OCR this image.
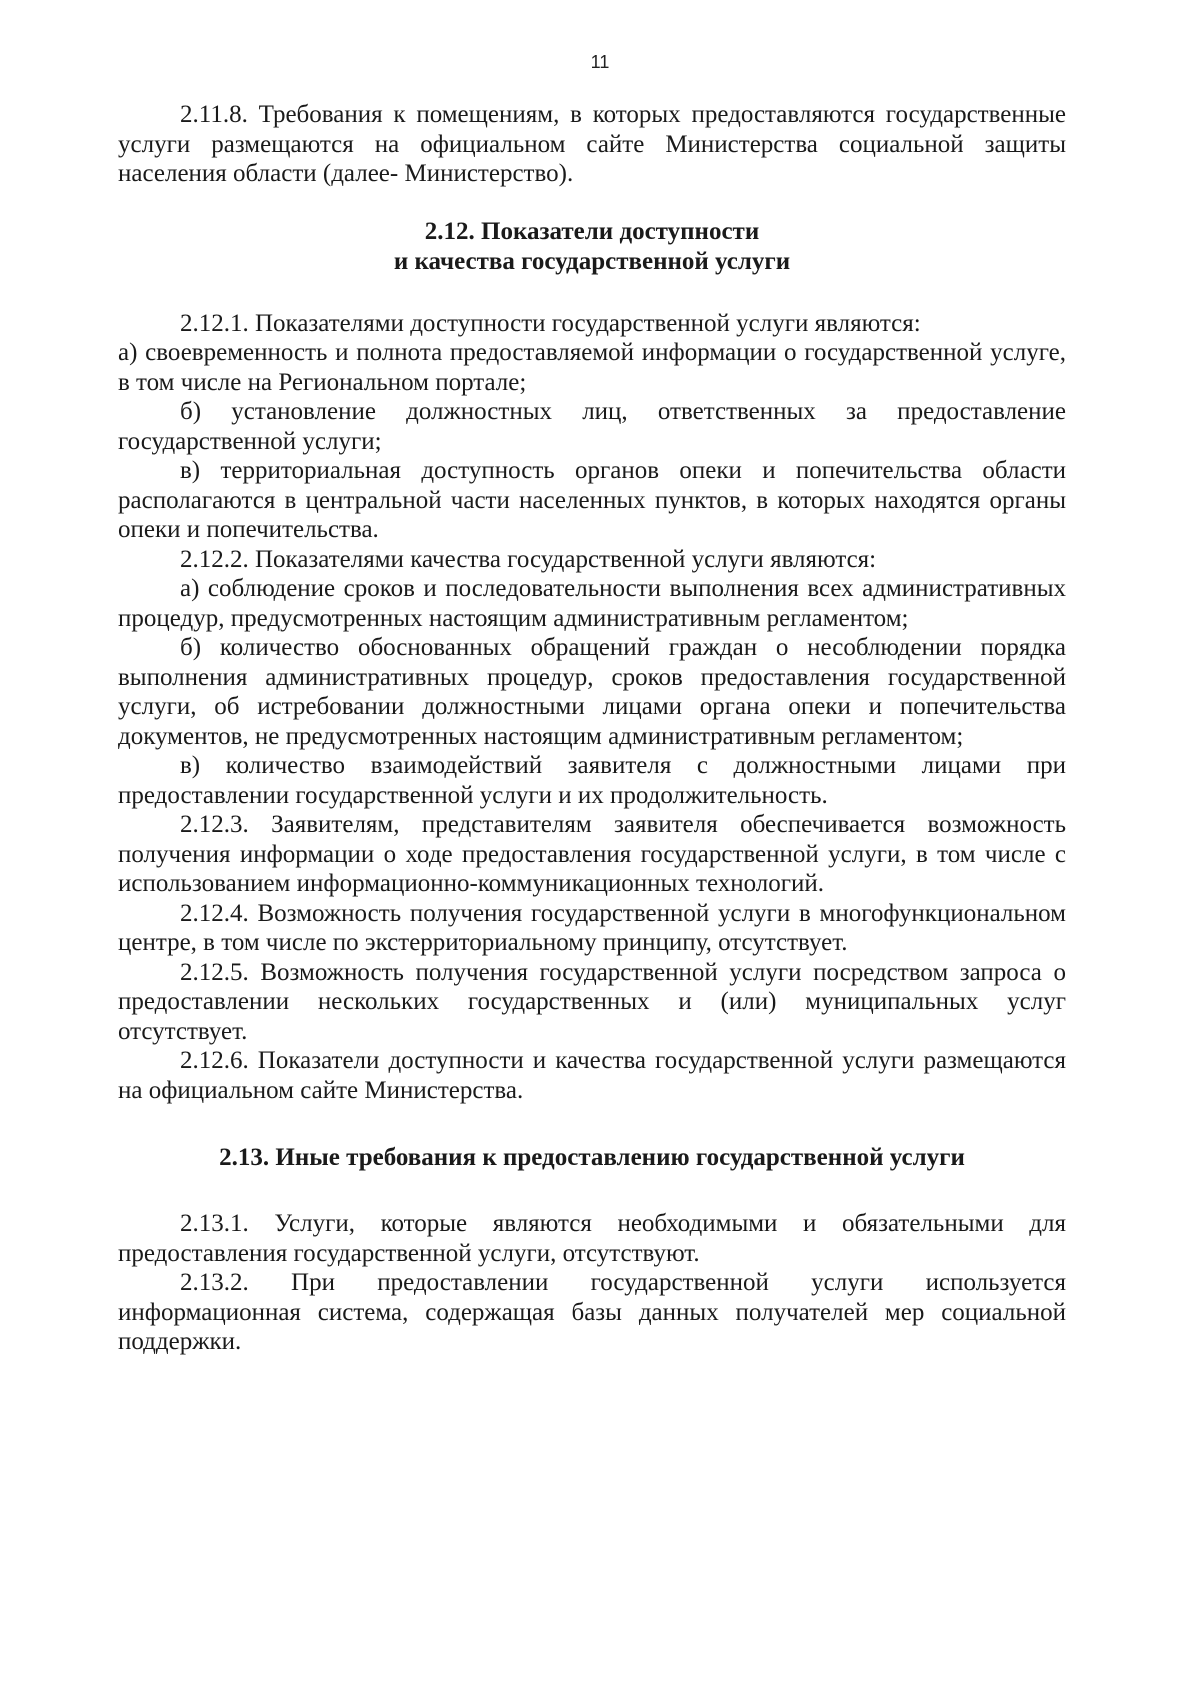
11

2.11.8. Требования к помещениям, в которых предоставляются государственные услуги размещаются на официальном сайте Министерства социальной защиты населения области (далее- Министерство).

2.12. Показатели доступности
и качества государственной услуги

2.12.1. Показателями доступности государственной услуги являются:

а) своевременность и полнота предоставляемой информации о государственной услуге, в том числе на Региональном портале;

б) установление должностных лиц, ответственных за предоставление государственной услуги;

в) территориальная доступность органов опеки и попечительства области располагаются в центральной части населенных пунктов, в которых находятся органы опеки и попечительства.

2.12.2. Показателями качества государственной услуги являются:

а) соблюдение сроков и последовательности выполнения всех административных процедур, предусмотренных настоящим административным регламентом;

б) количество обоснованных обращений граждан о несоблюдении порядка выполнения административных процедур, сроков предоставления государственной услуги, об истребовании должностными лицами органа опеки и попечительства документов, не предусмотренных настоящим административным регламентом;

в) количество взаимодействий заявителя с должностными лицами при предоставлении государственной услуги и их продолжительность.

2.12.3. Заявителям, представителям заявителя обеспечивается возможность получения информации о ходе предоставления государственной услуги, в том числе с использованием информационно-коммуникационных технологий.

2.12.4. Возможность получения государственной услуги в многофункциональном центре, в том числе по экстерриториальному принципу, отсутствует.

2.12.5. Возможность получения государственной услуги посредством запроса о предоставлении нескольких государственных и (или) муниципальных услуг отсутствует.

2.12.6. Показатели доступности и качества государственной услуги размещаются на официальном сайте Министерства.

2.13. Иные требования к предоставлению государственной услуги

2.13.1. Услуги, которые являются необходимыми и обязательными для предоставления государственной услуги, отсутствуют.

2.13.2. При предоставлении государственной услуги используется информационная система, содержащая базы данных получателей мер социальной поддержки.
